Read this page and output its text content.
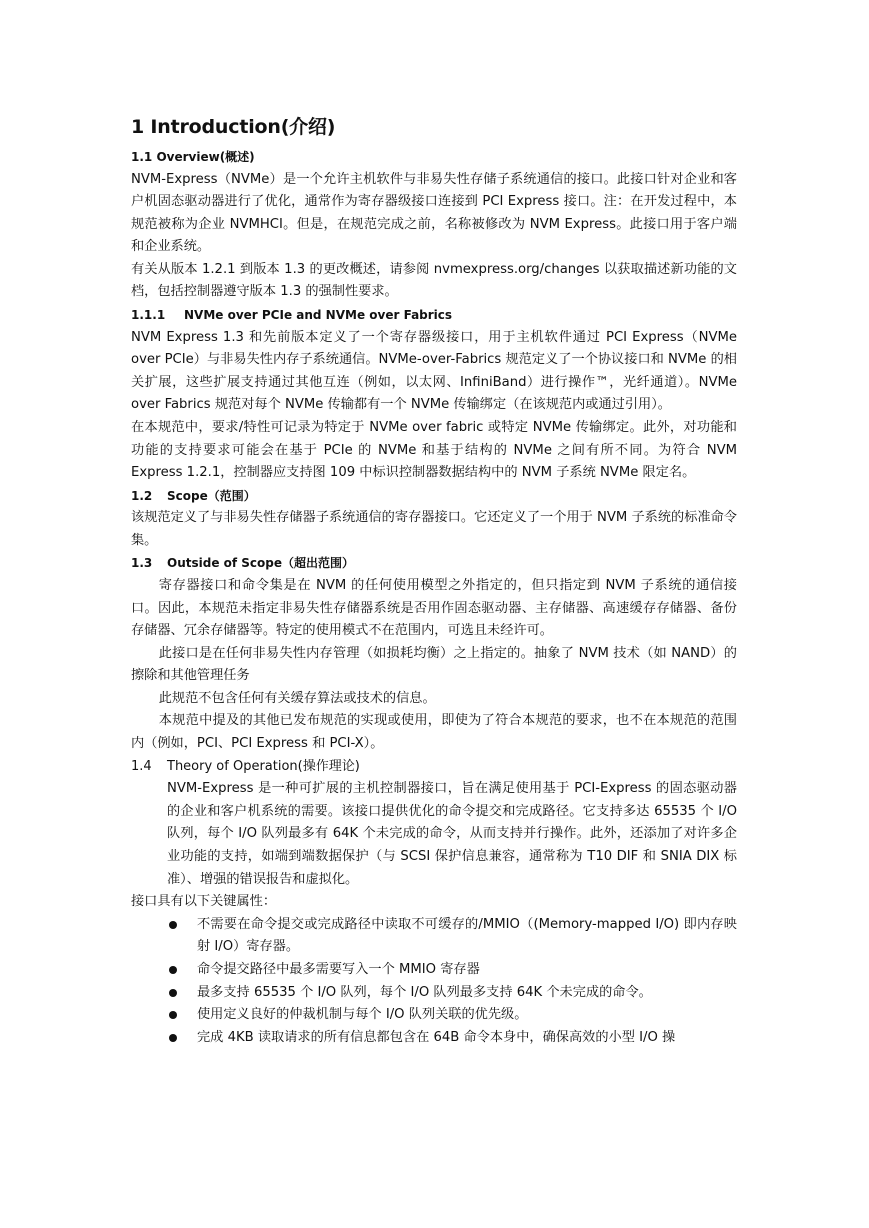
1 Introduction(介绍)
1.1 Overview(概述)

NVM-Express（NVMe）是一个允许主机软件与非易失性存储子系统通信的接口。此接口针对企业和客户机固态驱动器进行了优化，通常作为寄存器级接口连接到 PCI Express 接口。注：在开发过程中，本规范被称为企业 NVMHCI。但是，在规范完成之前，名称被修改为 NVM Express。此接口用于客户端和企业系统。

有关从版本 1.2.1 到版本 1.3 的更改概述，请参阅 nvmexpress.org/changes 以获取描述新功能的文档，包括控制器遵守版本 1.3 的强制性要求。

1.1.1 NVMe over PCIe and NVMe over Fabrics

NVM Express 1.3 和先前版本定义了一个寄存器级接口，用于主机软件通过 PCI Express（NVMe over PCIe）与非易失性内存子系统通信。NVMe-over-Fabrics 规范定义了一个协议接口和 NVMe 的相关扩展，这些扩展支持通过其他互连（例如，以太网、InfiniBand）进行操作™，光纤通道）。NVMe over Fabrics 规范对每个 NVMe 传输都有一个 NVMe 传输绑定（在该规范内或通过引用）。

在本规范中，要求/特性可记录为特定于 NVMe over fabric 或特定 NVMe 传输绑定。此外，对功能和功能的支持要求可能会在基于 PCIe 的 NVMe 和基于结构的 NVMe 之间有所不同。为符合 NVM Express 1.2.1，控制器应支持图 109 中标识控制器数据结构中的 NVM 子系统 NVMe 限定名。

1.2 Scope（范围）

该规范定义了与非易失性存储器子系统通信的寄存器接口。它还定义了一个用于 NVM 子系统的标准命令集。

1.3 Outside of Scope（超出范围）

寄存器接口和命令集是在 NVM 的任何使用模型之外指定的，但只指定到 NVM 子系统的通信接口。因此，本规范未指定非易失性存储器系统是否用作固态驱动器、主存储器、高速缓存存储器、备份存储器、冗余存储器等。特定的使用模式不在范围内，可选且未经许可。

此接口是在任何非易失性内存管理（如损耗均衡）之上指定的。抽象了 NVM 技术（如 NAND）的擦除和其他管理任务

此规范不包含任何有关缓存算法或技术的信息。

本规范中提及的其他已发布规范的实现或使用，即使为了符合本规范的要求，也不在本规范的范围内（例如，PCI、PCI Express 和 PCI-X）。

1.4 Theory of Operation(操作理论)

NVM-Express 是一种可扩展的主机控制器接口，旨在满足使用基于 PCI-Express 的固态驱动器的企业和客户机系统的需要。该接口提供优化的命令提交和完成路径。它支持多达 65535 个 I/O 队列，每个 I/O 队列最多有 64K 个未完成的命令，从而支持并行操作。此外，还添加了对许多企业功能的支持，如端到端数据保护（与 SCSI 保护信息兼容，通常称为 T10 DIF 和 SNIA DIX 标准）、增强的错误报告和虚拟化。

接口具有以下关键属性：

不需要在命令提交或完成路径中读取不可缓存的/MMIO（(Memory-mapped I/O) 即内存映射 I/O）寄存器。
命令提交路径中最多需要写入一个 MMIO 寄存器
最多支持 65535 个 I/O 队列，每个 I/O 队列最多支持 64K 个未完成的命令。
使用定义良好的仲裁机制与每个 I/O 队列关联的优先级。
完成 4KB 读取请求的所有信息都包含在 64B 命令本身中，确保高效的小型 I/O 操
